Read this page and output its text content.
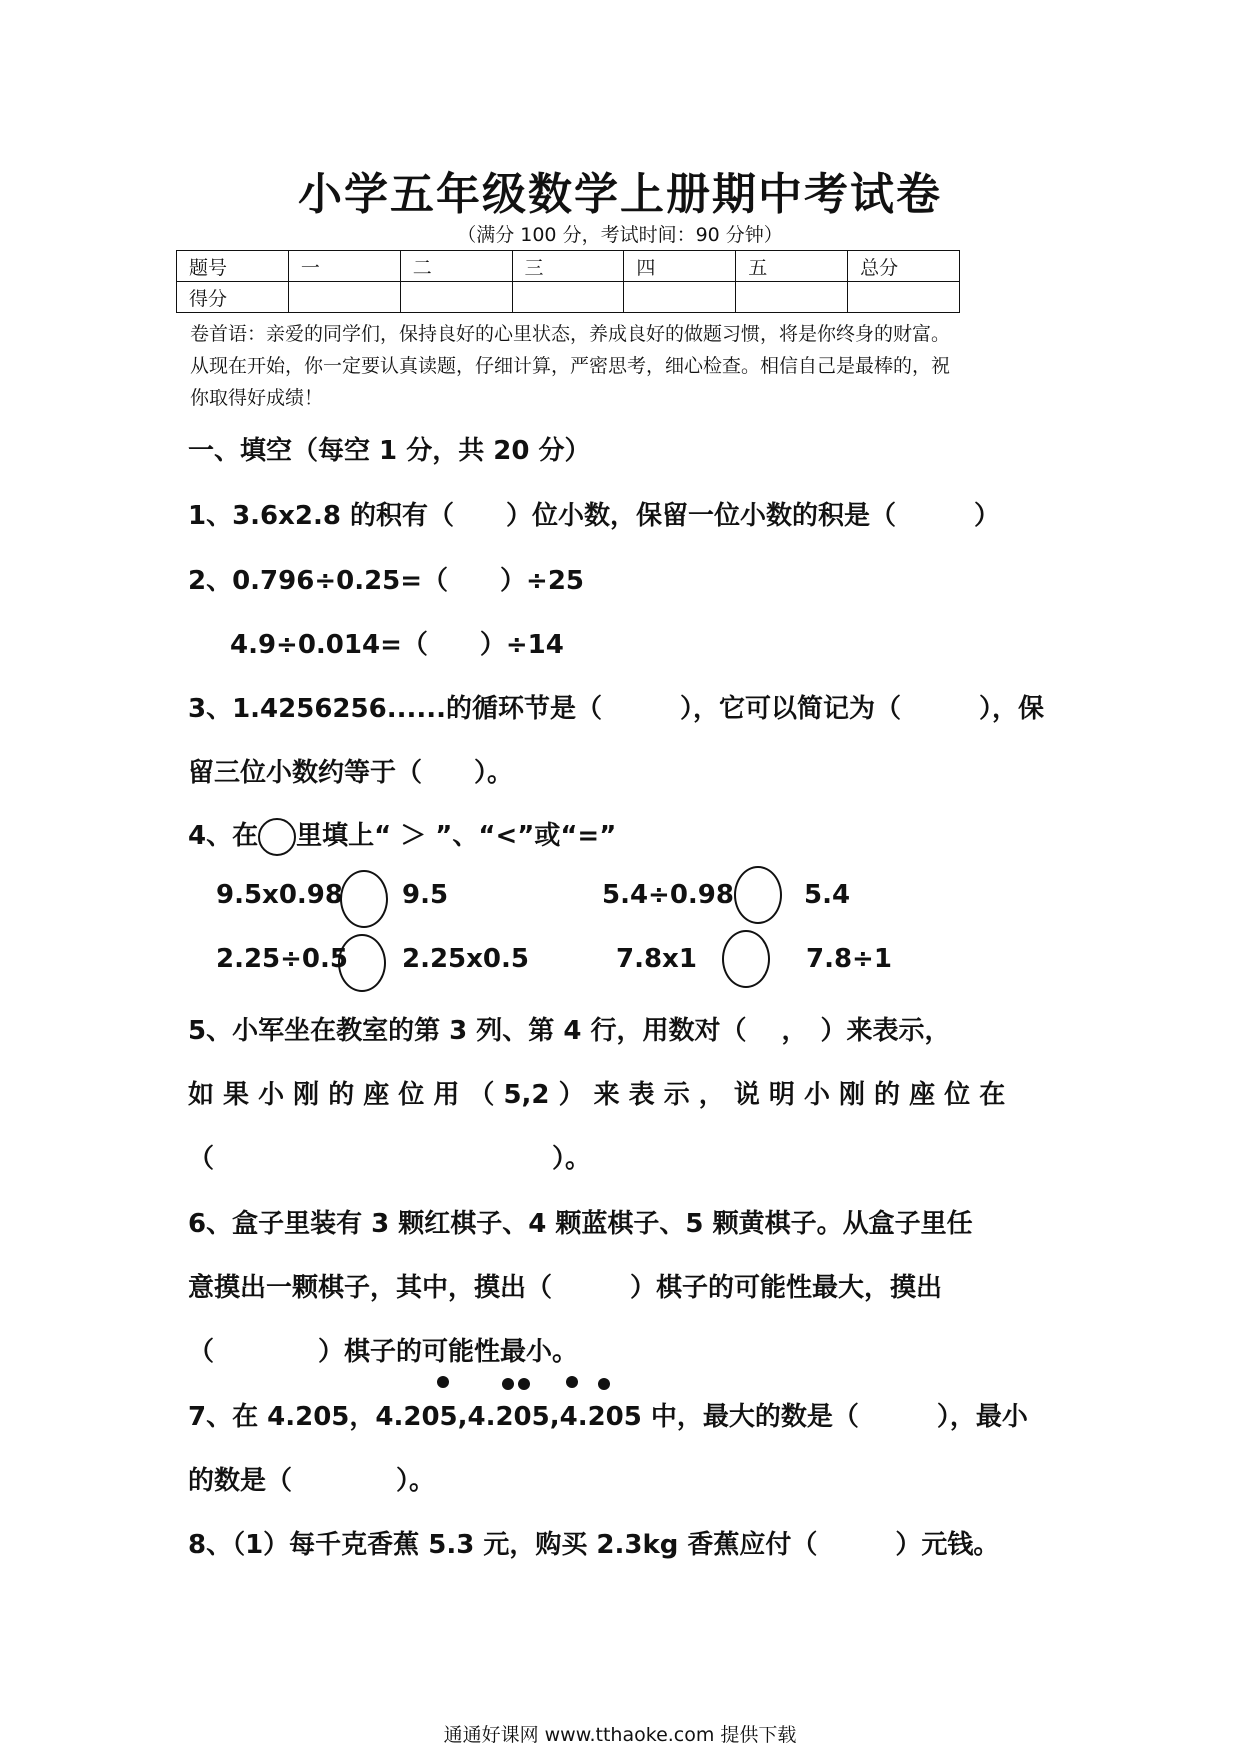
小学五年级数学上册期中考试卷
（满分 100 分，考试时间：90 分钟）
题号	一	二	三	四	五	总分
得分						
卷首语：亲爱的同学们，保持良好的心里状态，养成良好的做题习惯，将是你终身的财富。
从现在开始，你一定要认真读题，仔细计算，严密思考，细心检查。相信自己是最棒的，祝
你取得好成绩！
一、填空（每空 1 分，共 20 分）
1、3.6x2.8 的积有（　　）位小数，保留一位小数的积是（　　　）
2、0.796÷0.25=（　　）÷25
4.9÷0.014=（　　）÷14
3、1.4256256......的循环节是（　　　），它可以简记为（　　　），保
留三位小数约等于（　　）。
4、在 里填上“ ＞ ”、“<”或“=”
9.5x0.98 9.5	5.4÷0.98	5.4
2.25÷0.5 2.25x0.5	7.8x1	7.8÷1
5、小军坐在教室的第 3 列、第 4 行，用数对（　 ，　）来表示，
如 果 小 刚 的 座 位 用 （ 5,2 ） 来 表 示 ， 说 明 小 刚 的 座 位 在
（　　　　　　　　　　　　　）。
6、盒子里装有 3 颗红棋子、4 颗蓝棋子、5 颗黄棋子。从盒子里任
意摸出一颗棋子，其中，摸出（　　　）棋子的可能性最大，摸出
（　　　　）棋子的可能性最小。
7、在 4.205，4.205,4.205,4.205 中，最大的数是（　　　），最小
的数是（　　　　）。
8、（1）每千克香蕉 5.3 元，购买 2.3kg 香蕉应付（　　　）元钱。
通通好课网 www.tthaoke.com 提供下载
